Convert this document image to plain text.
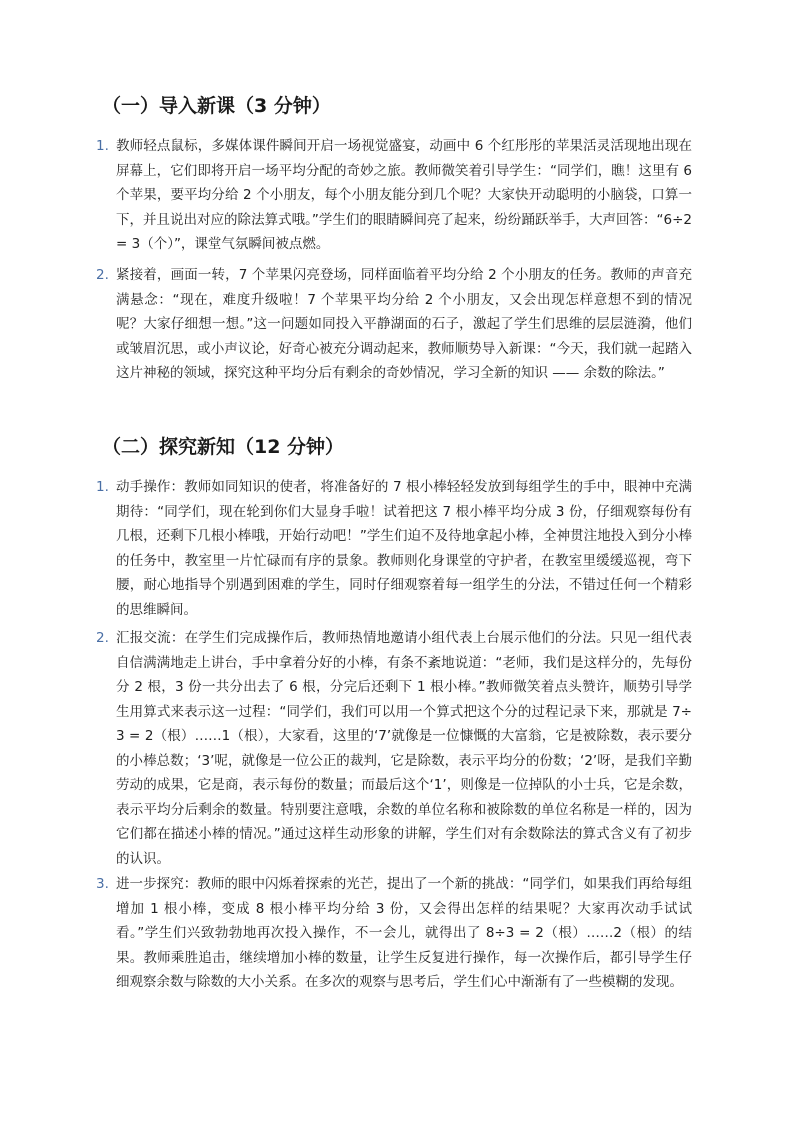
（一）导入新课（3 分钟）
1. 教师轻点鼠标，多媒体课件瞬间开启一场视觉盛宴，动画中 6 个红彤彤的苹果活灵活现地出现在屏幕上，它们即将开启一场平均分配的奇妙之旅。教师微笑着引导学生：“同学们，瞧！这里有 6 个苹果，要平均分给 2 个小朋友，每个小朋友能分到几个呢？大家快开动聪明的小脑袋，口算一下，并且说出对应的除法算式哦。”学生们的眼睛瞬间亮了起来，纷纷踊跃举手，大声回答：“6÷2 = 3（个）”，课堂气氛瞬间被点燃。
2. 紧接着，画面一转，7 个苹果闪亮登场，同样面临着平均分给 2 个小朋友的任务。教师的声音充满悬念：“现在，难度升级啦！7 个苹果平均分给 2 个小朋友，又会出现怎样意想不到的情况呢？大家仔细想一想。”这一问题如同投入平静湖面的石子，激起了学生们思维的层层涟漪，他们或皱眉沉思，或小声议论，好奇心被充分调动起来，教师顺势导入新课：“今天，我们就一起踏入这片神秘的领域，探究这种平均分后有剩余的奇妙情况，学习全新的知识 —— 余数的除法。”
（二）探究新知（12 分钟）
1. 动手操作：教师如同知识的使者，将准备好的 7 根小棒轻轻发放到每组学生的手中，眼神中充满期待：“同学们，现在轮到你们大显身手啦！试着把这 7 根小棒平均分成 3 份，仔细观察每份有几根，还剩下几根小棒哦，开始行动吧！”学生们迫不及待地拿起小棒，全神贯注地投入到分小棒的任务中，教室里一片忙碌而有序的景象。教师则化身课堂的守护者，在教室里缓缓巡视，弯下腰，耐心地指导个别遇到困难的学生，同时仔细观察着每一组学生的分法，不错过任何一个精彩的思维瞬间。
2. 汇报交流：在学生们完成操作后，教师热情地邀请小组代表上台展示他们的分法。只见一组代表自信满满地走上讲台，手中拿着分好的小棒，有条不紊地说道：“老师，我们是这样分的，先每份分 2 根，3 份一共分出去了 6 根，分完后还剩下 1 根小棒。”教师微笑着点头赞许，顺势引导学生用算式来表示这一过程：“同学们，我们可以用一个算式把这个分的过程记录下来，那就是 7÷3 = 2（根）……1（根），大家看，这里的‘7’就像是一位慷慨的大富翁，它是被除数，表示要分的小棒总数；‘3’呢，就像是一位公正的裁判，它是除数，表示平均分的份数；‘2’呀，是我们辛勤劳动的成果，它是商，表示每份的数量；而最后这个‘1’，则像是一位掉队的小士兵，它是余数，表示平均分后剩余的数量。特别要注意哦，余数的单位名称和被除数的单位名称是一样的，因为它们都在描述小棒的情况。”通过这样生动形象的讲解，学生们对有余数除法的算式含义有了初步的认识。
3. 进一步探究：教师的眼中闪烁着探索的光芒，提出了一个新的挑战：“同学们，如果我们再给每组增加 1 根小棒，变成 8 根小棒平均分给 3 份，又会得出怎样的结果呢？大家再次动手试试看。”学生们兴致勃勃地再次投入操作，不一会儿，就得出了 8÷3 = 2（根）……2（根）的结果。教师乘胜追击，继续增加小棒的数量，让学生反复进行操作，每一次操作后，都引导学生仔细观察余数与除数的大小关系。在多次的观察与思考后，学生们心中渐渐有了一些模糊的发现。
